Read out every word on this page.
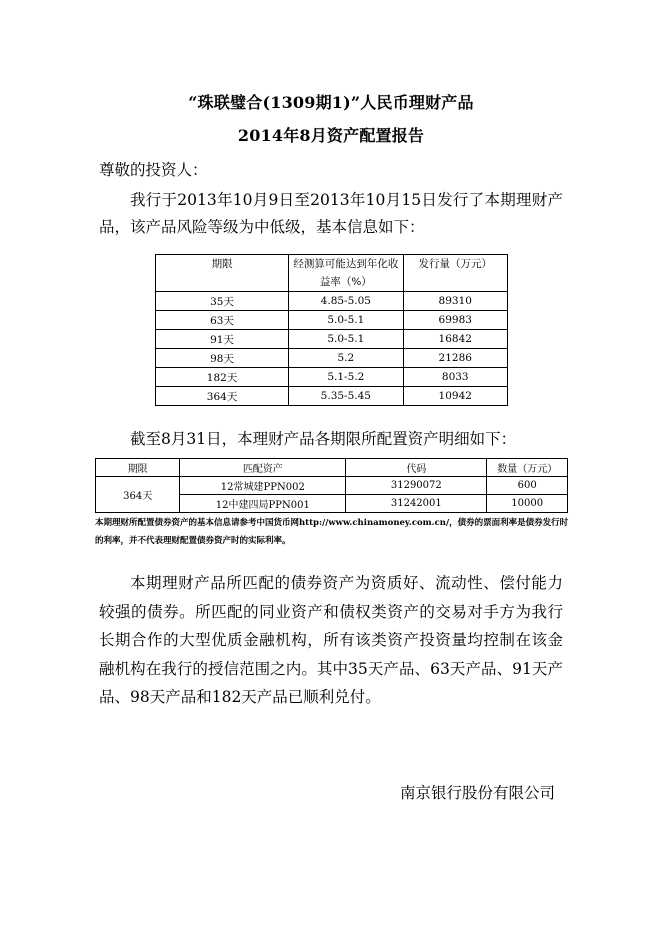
“珠联璧合(1309期1)”人民币理财产品
2014年8月资产配置报告
尊敬的投资人：

我行于2013年10月9日至2013年10月15日发行了本期理财产品，该产品风险等级为中低级，基本信息如下：

期限	经测算可能达到年化收益率（%）	发行量（万元）
35天	4.85-5.05	89310
63天	5.0-5.1	69983
91天	5.0-5.1	16842
98天	5.2	21286
182天	5.1-5.2	8033
364天	5.35-5.45	10942

截至8月31日，本理财产品各期限所配置资产明细如下：

期限	匹配资产	代码	数量（万元）
364天	12常城建PPN002	31290072	600
	12中建四局PPN001	31242001	10000

本期理财所配置债券资产的基本信息请参考中国货币网http://www.chinamoney.com.cn/，债券的票面利率是债券发行时的利率，并不代表理财配置债券资产时的实际利率。

本期理财产品所匹配的债券资产为资质好、流动性、偿付能力较强的债券。所匹配的同业资产和债权类资产的交易对手方为我行长期合作的大型优质金融机构，所有该类资产投资量均控制在该金融机构在我行的授信范围之内。其中35天产品、63天产品、91天产品、98天产品和182天产品已顺利兑付。

南京银行股份有限公司
